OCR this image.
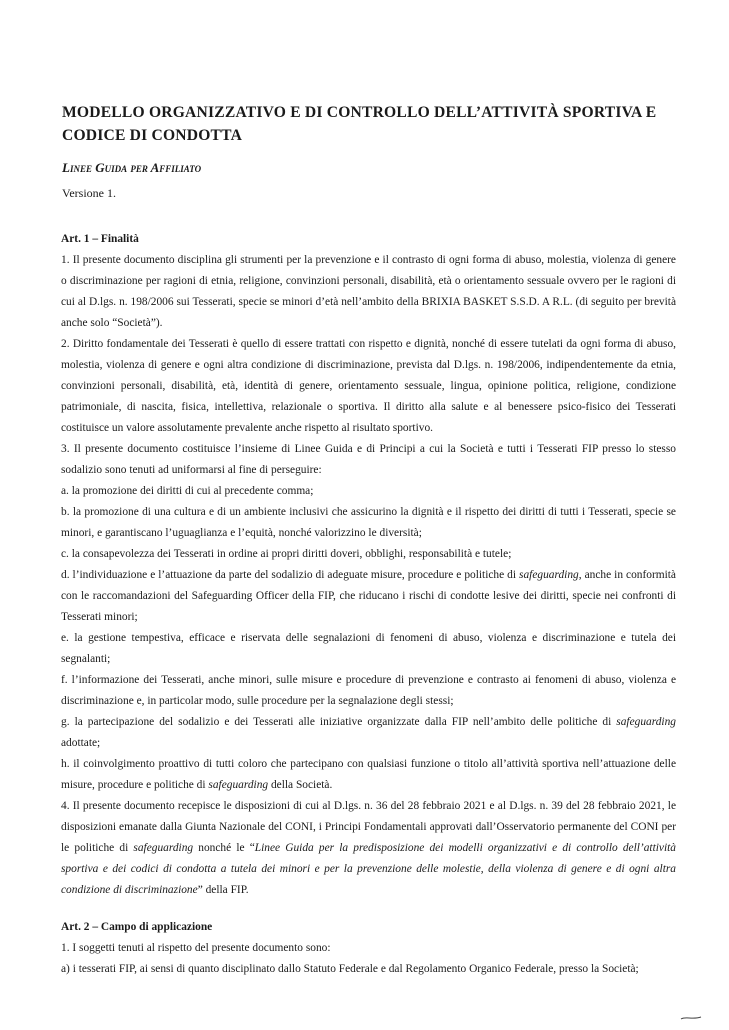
MODELLO ORGANIZZATIVO E DI CONTROLLO DELL’ATTIVITÀ SPORTIVA E
CODICE DI CONDOTTA

Linee Guida per Affiliato

Versione 1.

Art. 1 – Finalità

1. Il presente documento disciplina gli strumenti per la prevenzione e il contrasto di ogni forma di abuso, molestia, violenza di genere o discriminazione per ragioni di etnia, religione, convinzioni personali, disabilità, età o orientamento sessuale ovvero per le ragioni di cui al D.lgs. n. 198/2006 sui Tesserati, specie se minori d’età nell’ambito della BRIXIA BASKET S.S.D. A R.L. (di seguito per brevità anche solo “Società”).

2. Diritto fondamentale dei Tesserati è quello di essere trattati con rispetto e dignità, nonché di essere tutelati da ogni forma di abuso, molestia, violenza di genere e ogni altra condizione di discriminazione, prevista dal D.lgs. n. 198/2006, indipendentemente da etnia, convinzioni personali, disabilità, età, identità di genere, orientamento sessuale, lingua, opinione politica, religione, condizione patrimoniale, di nascita, fisica, intellettiva, relazionale o sportiva. Il diritto alla salute e al benessere psico-fisico dei Tesserati costituisce un valore assolutamente prevalente anche rispetto al risultato sportivo.

3. Il presente documento costituisce l’insieme di Linee Guida e di Principi a cui la Società e tutti i Tesserati FIP presso lo stesso sodalizio sono tenuti ad uniformarsi al fine di perseguire:

a. la promozione dei diritti di cui al precedente comma;

b. la promozione di una cultura e di un ambiente inclusivi che assicurino la dignità e il rispetto dei diritti di tutti i Tesserati, specie se minori, e garantiscano l’uguaglianza e l’equità, nonché valorizzino le diversità;

c. la consapevolezza dei Tesserati in ordine ai propri diritti doveri, obblighi, responsabilità e tutele;

d. l’individuazione e l’attuazione da parte del sodalizio di adeguate misure, procedure e politiche di safeguarding, anche in conformità con le raccomandazioni del Safeguarding Officer della FIP, che riducano i rischi di condotte lesive dei diritti, specie nei confronti di Tesserati minori;

e. la gestione tempestiva, efficace e riservata delle segnalazioni di fenomeni di abuso, violenza e discriminazione e tutela dei segnalanti;

f. l’informazione dei Tesserati, anche minori, sulle misure e procedure di prevenzione e contrasto ai fenomeni di abuso, violenza e discriminazione e, in particolar modo, sulle procedure per la segnalazione degli stessi;

g. la partecipazione del sodalizio e dei Tesserati alle iniziative organizzate dalla FIP nell’ambito delle politiche di safeguarding adottate;

h. il coinvolgimento proattivo di tutti coloro che partecipano con qualsiasi funzione o titolo all’attività sportiva nell’attuazione delle misure, procedure e politiche di safeguarding della Società.

4. Il presente documento recepisce le disposizioni di cui al D.lgs. n. 36 del 28 febbraio 2021 e al D.lgs. n. 39 del 28 febbraio 2021, le disposizioni emanate dalla Giunta Nazionale del CONI, i Principi Fondamentali approvati dall’Osservatorio permanente del CONI per le politiche di safeguarding nonché le “Linee Guida per la predisposizione dei modelli organizzativi e di controllo dell’attività sportiva e dei codici di condotta a tutela dei minori e per la prevenzione delle molestie, della violenza di genere e di ogni altra condizione di discriminazione” della FIP.

Art. 2 – Campo di applicazione

1. I soggetti tenuti al rispetto del presente documento sono:

a) i tesserati FIP, ai sensi di quanto disciplinato dallo Statuto Federale e dal Regolamento Organico Federale, presso la Società;
